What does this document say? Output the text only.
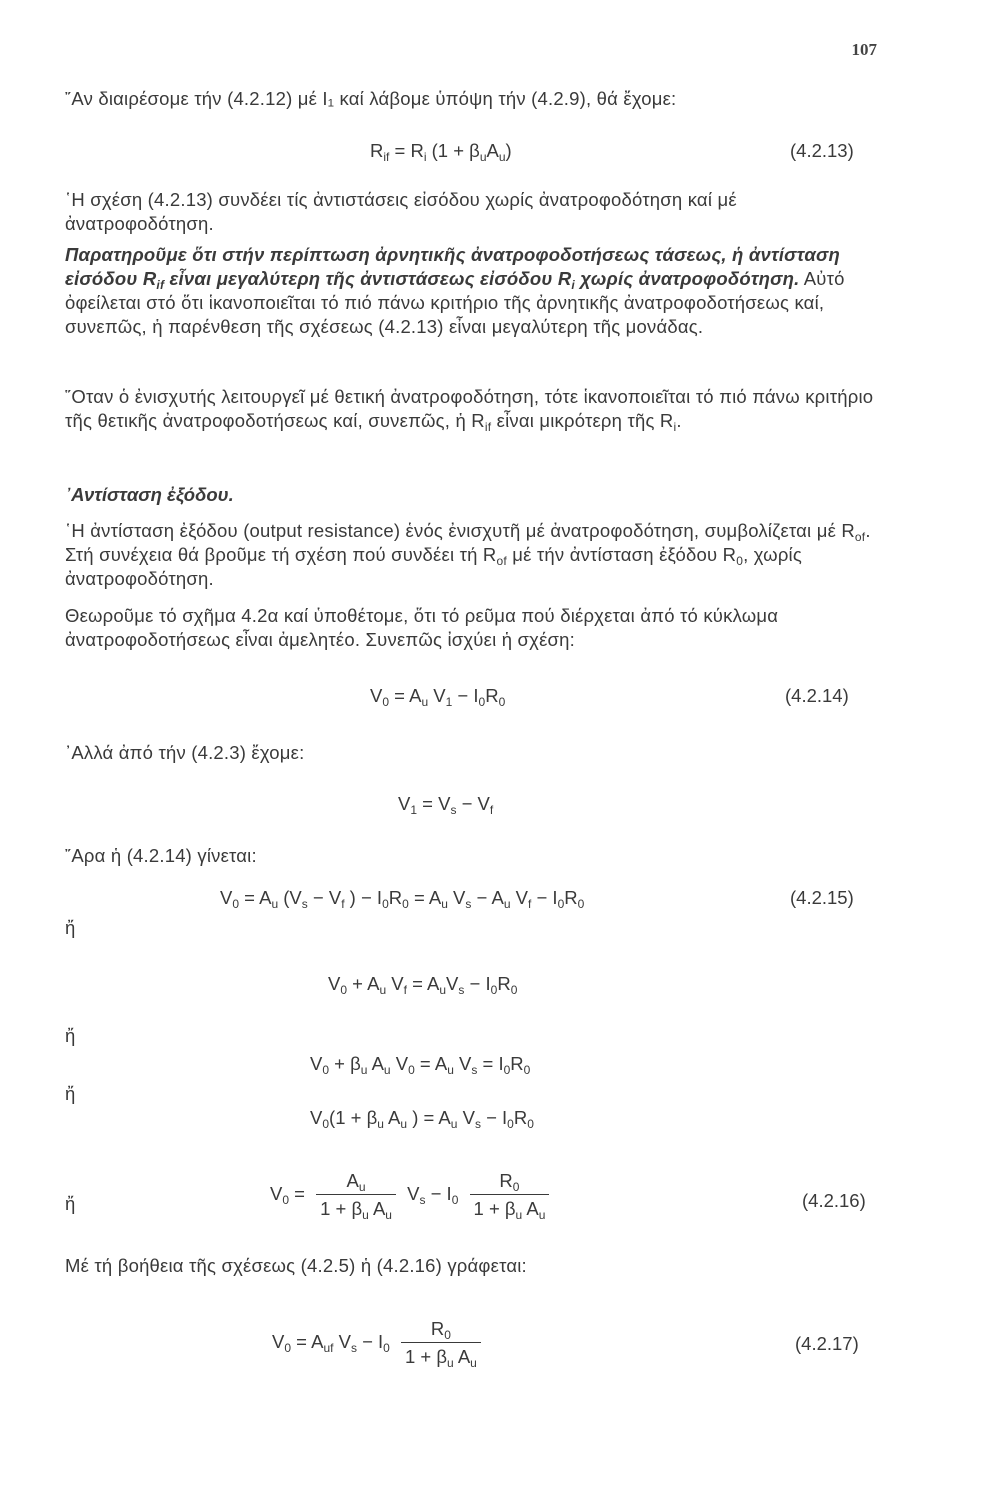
107
῎Αν διαιρέσομε τήν (4.2.12) μέ I₁ καί λάβομε ὑπόψη τήν (4.2.9), θά ἔχομε:
$R_{if} = R_i$ $(1 + \beta_uA_u)$	(4.2.13)
῾Η σχέση (4.2.13) συνδέει τίς ἀντιστάσεις εἰσόδου χωρίς ἀνατροφοδότηση καί μέ ἀνατροφοδότηση.
Παρατηροῦμε ὅτι στήν περίπτωση ἀρνητικῆς ἀνατροφοδοτήσεως τάσεως, ἡ ἀντίσταση εἰσόδου $R_{if}$ εἶναι μεγαλύτερη τῆς ἀντιστάσεως εἰσόδου $R_i$ χωρίς ἀνατροφοδότηση. Αὐτό ὀφείλεται στό ὅτι ἱκανοποιεῖται τό πιό πάνω κριτήριο τῆς ἀρνητικῆς ἀνατροφοδοτήσεως καί, συνεπῶς, ἡ παρένθεση τῆς σχέσεως (4.2.13) εἶναι μεγαλύτερη τῆς μονάδας.
῞Οταν ὁ ἐνισχυτής λειτουργεῖ μέ θετική ἀνατροφοδότηση, τότε ἱκανοποιεῖται τό πιό πάνω κριτήριο τῆς θετικῆς ἀνατροφοδοτήσεως καί, συνεπῶς, ἡ $R_{if}$ εἶναι μικρότερη τῆς $R_i$.
᾿Αντίσταση ἐξόδου.
῾Η ἀντίσταση ἐξόδου (output resistance) ἑνός ἐνισχυτῆ μέ ἀνατροφοδότηση, συμβολίζεται μέ $R_{of}$. Στή συνέχεια θά βροῦμε τή σχέση πού συνδέει τή $R_{of}$ μέ τήν ἀντίσταση ἐξόδου $R_0$, χωρίς ἀνατροφοδότηση.
Θεωροῦμε τό σχῆμα 4.2α καί ὑποθέτομε, ὅτι τό ρεῦμα πού διέρχεται ἀπό τό κύκλωμα ἀνατροφοδοτήσεως εἶναι ἀμελητέο. Συνεπῶς ἰσχύει ἡ σχέση:
$V_0 = A_u$ $V_1 - I_0R_0$	(4.2.14)
᾿Αλλά ἀπό τήν (4.2.3) ἔχομε:
$V_1 = V_s - V_f$
῎Αρα ἡ (4.2.14) γίνεται:
$V_0 = A_u$ ($V_s - V_f$ ) − $I_0R_0 = A_u$ $V_s - A_u$ $V_f - I_0R_0$	(4.2.15)
ἤ
$V_0 + A_u$ $V_f = A_uV_s - I_0R_0$
ἤ
$V_0 + \beta_u$ $A_u$ $V_0 = A_u$ $V_s = I_0R_0$
ἤ
$V_0(1 + \beta_u$ $A_u$ ) = $A_u$ $V_s - I_0R_0$
ἤ	$V_0 = \frac{A_u}{1 + \beta_u A_u} V_s - I_0 \frac{R_0}{1 + \beta_u A_u}$	(4.2.16)
Μέ τή βοήθεια τῆς σχέσεως (4.2.5) ἡ (4.2.16) γράφεται:
$V_0 = A_{uf}$ $V_s - I_0 \frac{R_0}{1 + \beta_u A_u}$	(4.2.17)
